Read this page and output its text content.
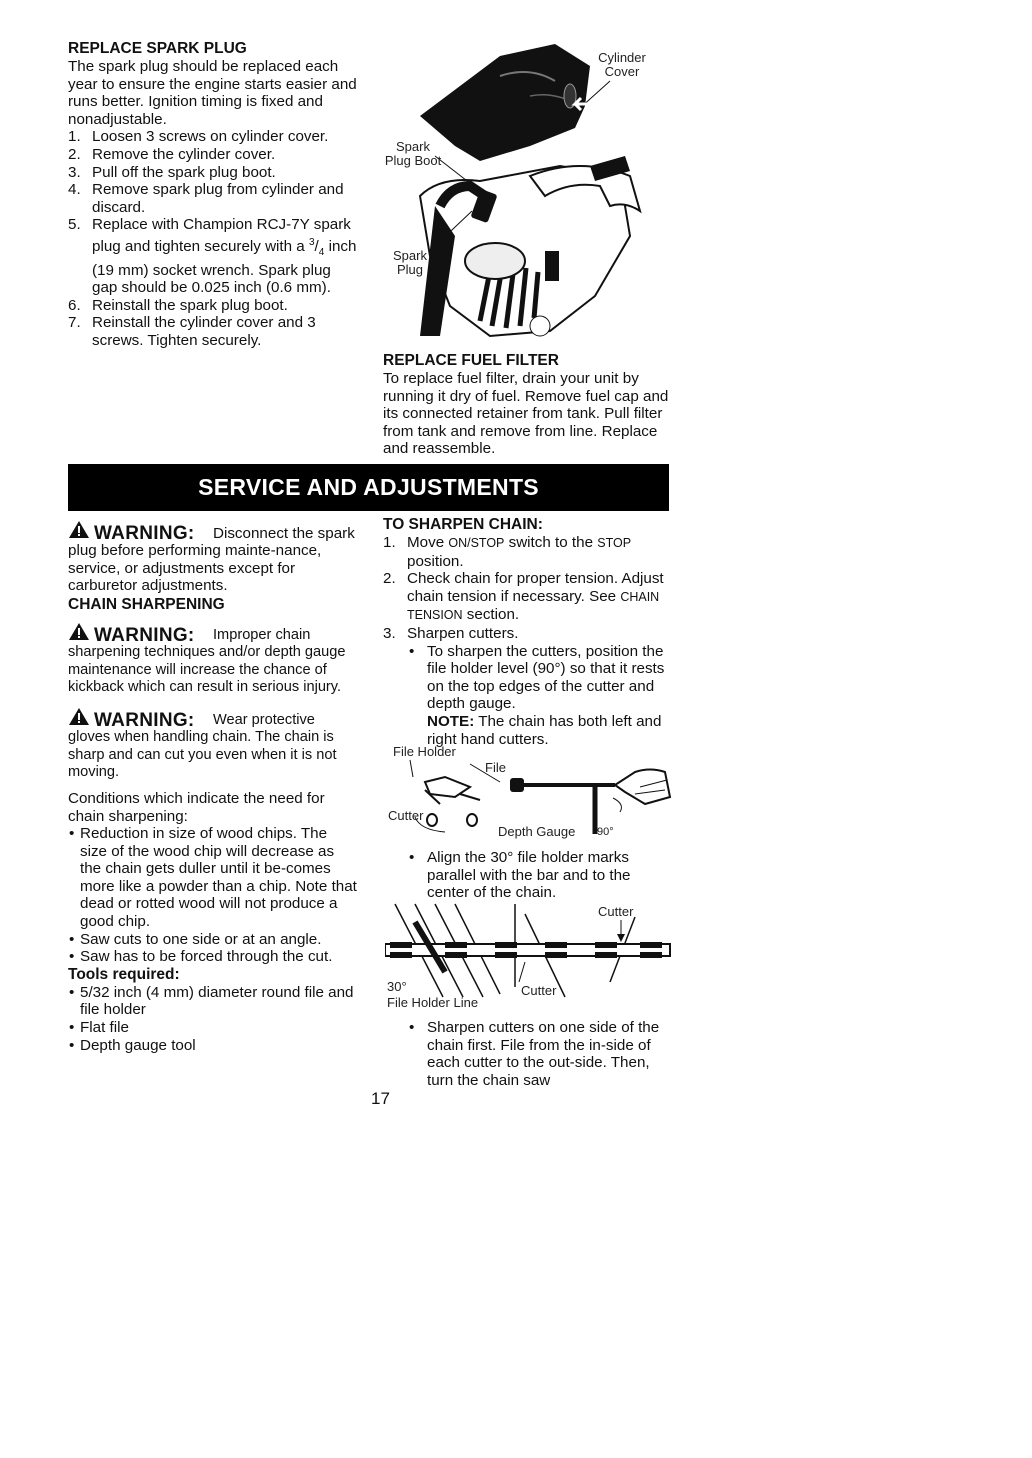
REPLACE SPARK PLUG

The spark plug should be replaced each year to ensure the engine starts easier and runs better. Ignition timing is fixed and nonadjustable.

1. Loosen 3 screws on cylinder cover.
2. Remove the cylinder cover.
3. Pull off the spark plug boot.
4. Remove spark plug from cylinder and discard.
5. Replace with Champion RCJ-7Y spark plug and tighten securely with a $^3/_4$ inch (19 mm) socket wrench. Spark plug gap should be 0.025 inch (0.6 mm).
6. Reinstall the spark plug boot.
7. Reinstall the cylinder cover and 3 screws. Tighten securely.
Cylinder Cover
Spark Plug Boot
Spark Plug
REPLACE FUEL FILTER

To replace fuel filter, drain your unit by running it dry of fuel. Remove fuel cap and its connected retainer from tank. Pull filter from tank and remove from line. Replace and reassemble.

SERVICE AND ADJUSTMENTS
WARNING:	Disconnect the spark plug before performing mainte-nance, service, or adjustments except for carburetor adjustments.

CHAIN SHARPENING
WARNING:	Improper chain sharpening techniques and/or depth gauge maintenance will increase the chance of kickback which can result in serious injury.

WARNING:	Wear protective gloves when handling chain. The chain is sharp and can cut you even when it is not moving.

Conditions which indicate the need for chain sharpening:

• Reduction in size of wood chips. The size of the wood chip will decrease as the chain gets duller until it be-comes more like a powder than a chip. Note that dead or rotted wood will not produce a good chip.
• Saw cuts to one side or at an angle.
• Saw has to be forced through the cut.
Tools required:
• 5/32 inch (4 mm) diameter round file and file holder
• Flat file
• Depth gauge tool
TO SHARPEN CHAIN:
1. Move ON/STOP switch to the STOP position.
2. Check chain for proper tension. Adjust chain tension if necessary. See CHAIN TENSION section.
3. Sharpen cutters.
• To sharpen the cutters, position the file holder level (90°) so that it rests on the top edges of the cutter and depth gauge.
NOTE: The chain has both left and right hand cutters.
File Holder
File
Cutter
Depth Gauge 90°
• Align the 30° file holder marks parallel with the bar and to the center of the chain.
Cutter
Cutter
30°
File Holder Line
• Sharpen cutters on one side of the chain first. File from the in-side of each cutter to the out-side. Then, turn the chain saw
17
